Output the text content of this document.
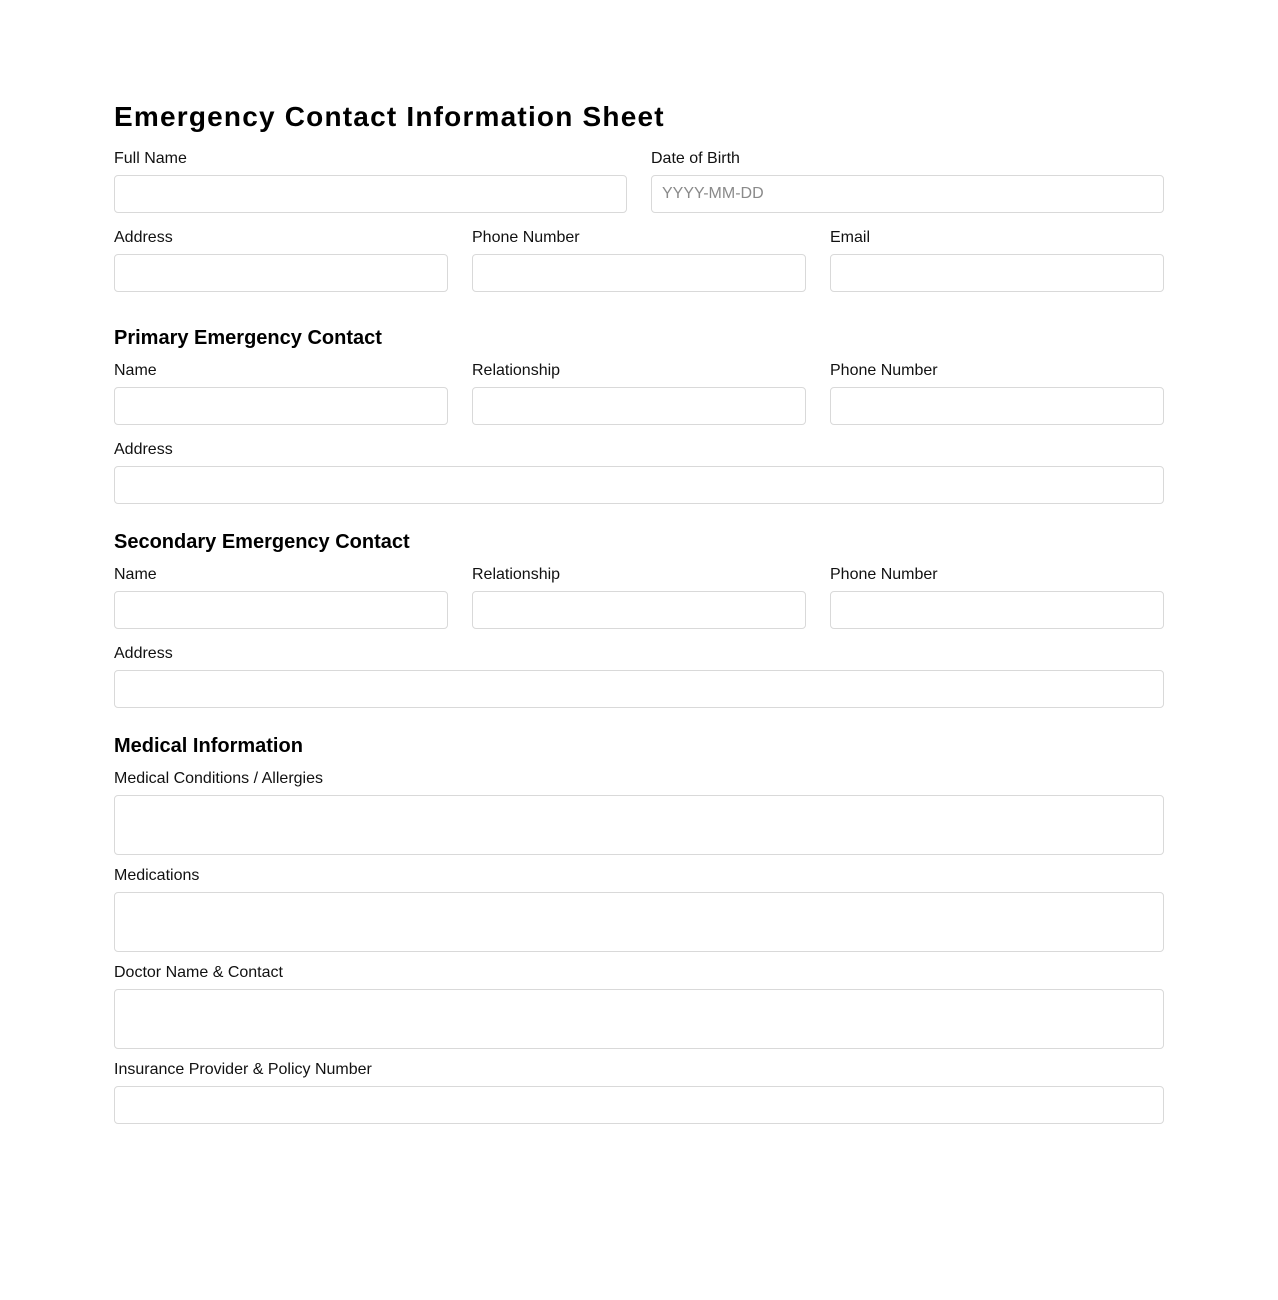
Emergency Contact Information Sheet
Full Name	Date of Birth
YYYY-MM-DD
Address	Phone Number	Email
Primary Emergency Contact
Name	Relationship	Phone Number
Address
Secondary Emergency Contact
Name	Relationship	Phone Number
Address
Medical Information
Medical Conditions / Allergies
Medications
Doctor Name & Contact
Insurance Provider & Policy Number
